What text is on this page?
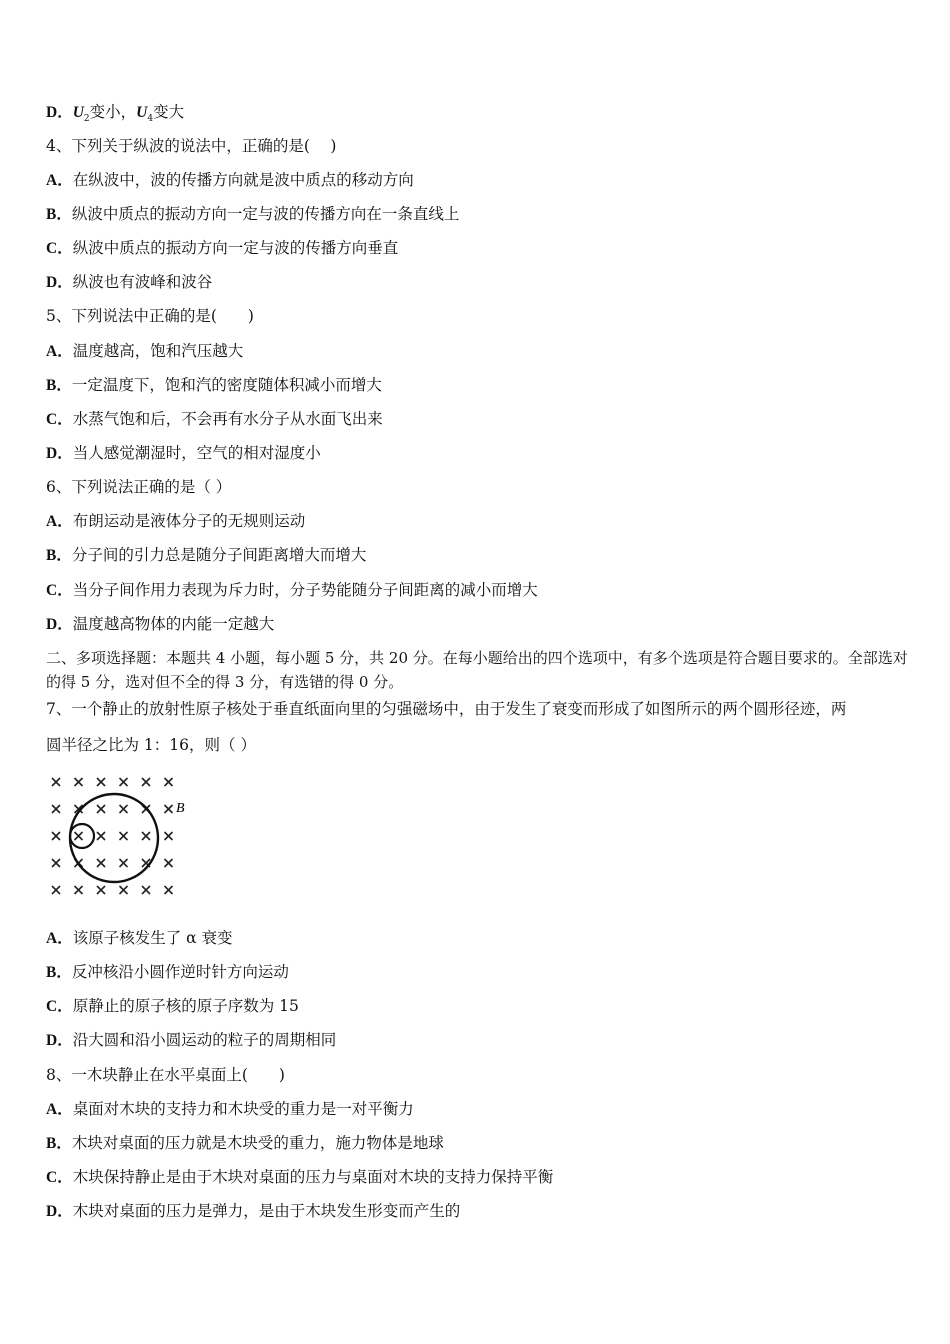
D．$U_2$变小，$U_4$变大
4、下列关于纵波的说法中，正确的是(　 )
A．在纵波中，波的传播方向就是波中质点的移动方向
B．纵波中质点的振动方向一定与波的传播方向在一条直线上
C．纵波中质点的振动方向一定与波的传播方向垂直
D．纵波也有波峰和波谷
5、下列说法中正确的是(　　)
A．温度越高，饱和汽压越大
B．一定温度下，饱和汽的密度随体积减小而增大
C．水蒸气饱和后，不会再有水分子从水面飞出来
D．当人感觉潮湿时，空气的相对湿度小
6、下列说法正确的是（ ）
A．布朗运动是液体分子的无规则运动
B．分子间的引力总是随分子间距离增大而增大
C．当分子间作用力表现为斥力时，分子势能随分子间距离的减小而增大
D．温度越高物体的内能一定越大
二、多项选择题：本题共 4 小题，每小题 5 分，共 20 分。在每小题给出的四个选项中，有多个选项是符合题目要求的。全部选对的得 5 分，选对但不全的得 3 分，有选错的得 0 分。
7、一个静止的放射性原子核处于垂直纸面向里的匀强磁场中，由于发生了衰变而形成了如图所示的两个圆形径迹，两
圆半径之比为 1：16，则（ ）
B
A．该原子核发生了 α 衰变
B．反冲核沿小圆作逆时针方向运动
C．原静止的原子核的原子序数为 15
D．沿大圆和沿小圆运动的粒子的周期相同
8、一木块静止在水平桌面上(　　)
A．桌面对木块的支持力和木块受的重力是一对平衡力
B．木块对桌面的压力就是木块受的重力，施力物体是地球
C．木块保持静止是由于木块对桌面的压力与桌面对木块的支持力保持平衡
D．木块对桌面的压力是弹力，是由于木块发生形变而产生的
